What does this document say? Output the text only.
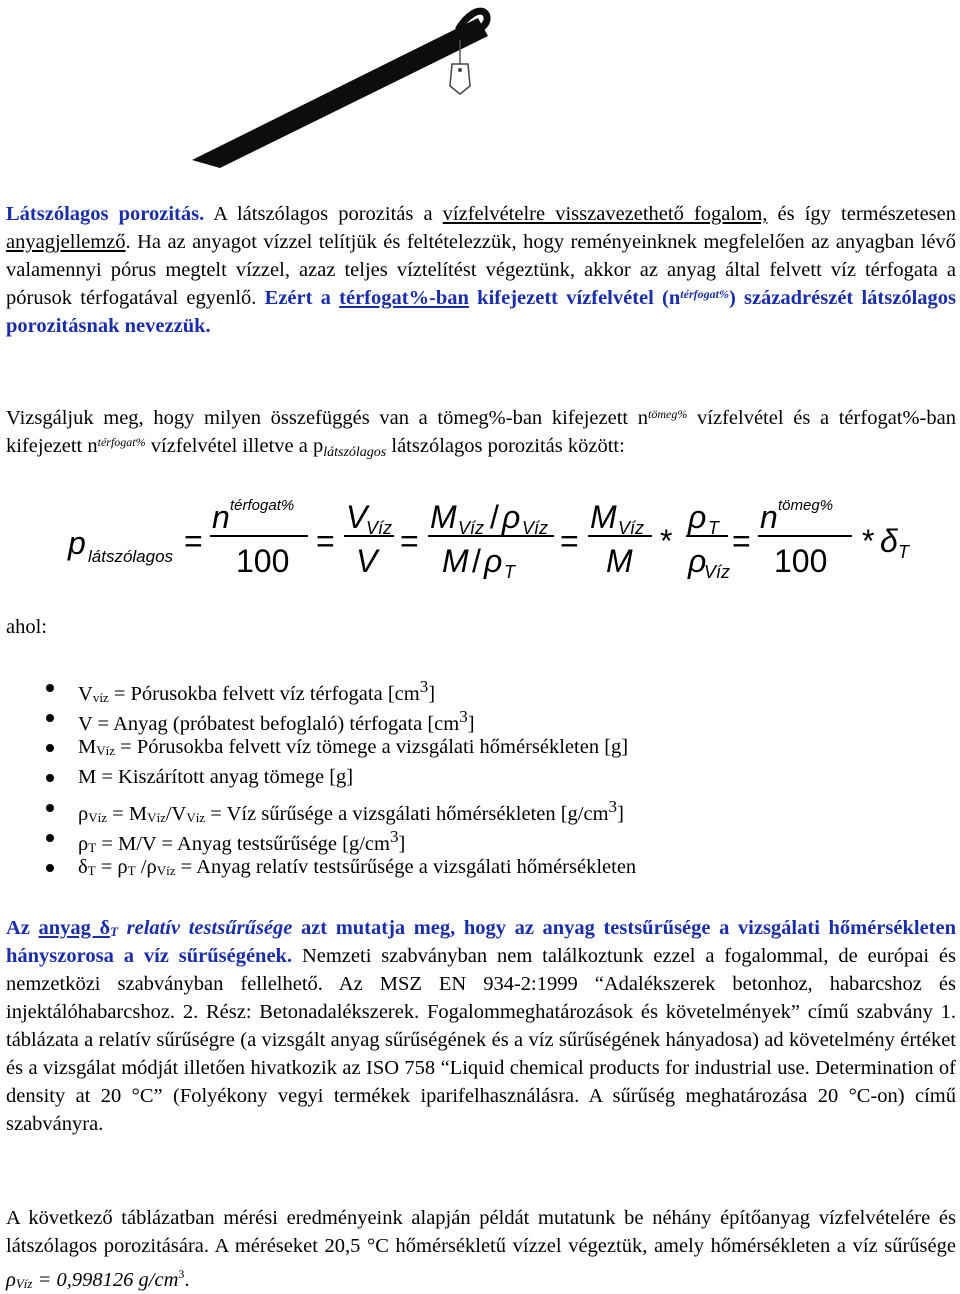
Látszólagos porozitás. A látszólagos porozitás a vízfelvételre visszavezethető fogalom, és így természetesen anyagjellemző. Ha az anyagot vízzel telítjük és feltételezzük, hogy reményeinknek megfelelően az anyagban lévő valamennyi pórus megtelt vízzel, azaz teljes víztelítést végeztünk, akkor az anyag által felvett víz térfogata a pórusok térfogatával egyenlő. Ezért a térfogat%-ban kifejezett vízfelvétel $(n^{térfogat\%})$ századrészét látszólagos porozitásnak nevezzük.
Vizsgáljuk meg, hogy milyen összefüggés van a tömeg%-ban kifejezett $n^{tömeg\%}$ vízfelvétel és a térfogat%-ban kifejezett $n^{térfogat\%}$ vízfelvétel illetve a plátszólagos látszólagos porozitás között:
p látszólagos =
n térfogat%
100
=
V
Víz
V
=
M Víz / ρ Víz
M / ρ T
=
M Víz
M
*
ρ T
ρ
Víz
=
n tömeg%
100
* δ T
ahol:
Vvíz = Pórusokba felvett víz térfogata $[cm^3]$
V = Anyag (próbatest befoglaló) térfogata $[cm^3]$
MVíz = Pórusokba felvett víz tömege a vizsgálati hőmérsékleten [g]
M = Kiszárított anyag tömege [g]
ρVíz = MVíz/VVíz = Víz sűrűsége a vizsgálati hőmérsékleten $[g/cm^3]$
ρT = M/V = Anyag testsűrűsége $[g/cm^3]$
δT = ρT /ρVíz = Anyag relatív testsűrűsége a vizsgálati hőmérsékleten
Az anyag δT relatív testsűrűsége azt mutatja meg, hogy az anyag testsűrűsége a vizsgálati hőmérsékleten hányszorosa a víz sűrűségének. Nemzeti szabványban nem találkoztunk ezzel a fogalommal, de európai és nemzetközi szabványban fellelhető. Az MSZ EN 934-2:1999 “Adalékszerek betonhoz, habarcshoz és injektálóhabarcshoz. 2. Rész: Betonadalékszerek. Fogalommeghatározások és követelmények” című szabvány 1. táblázata a relatív sűrűségre (a vizsgált anyag sűrűségének és a víz sűrűségének hányadosa) ad követelmény értéket és a vizsgálat módját illetően hivatkozik az ISO 758 “Liquid chemical products for industrial use. Determination of density at 20 °C” (Folyékony vegyi termékek iparifelhasználásra. A sűrűség meghatározása 20 °C-on) című szabványra.
A következő táblázatban mérési eredményeink alapján példát mutatunk be néhány építőanyag vízfelvételére és látszólagos porozitására. A méréseket 20,5 °C hőmérsékletű vízzel végeztük, amely hőmérsékleten a víz sűrűsége ρVíz = 0,998126 $g/cm^3$.
